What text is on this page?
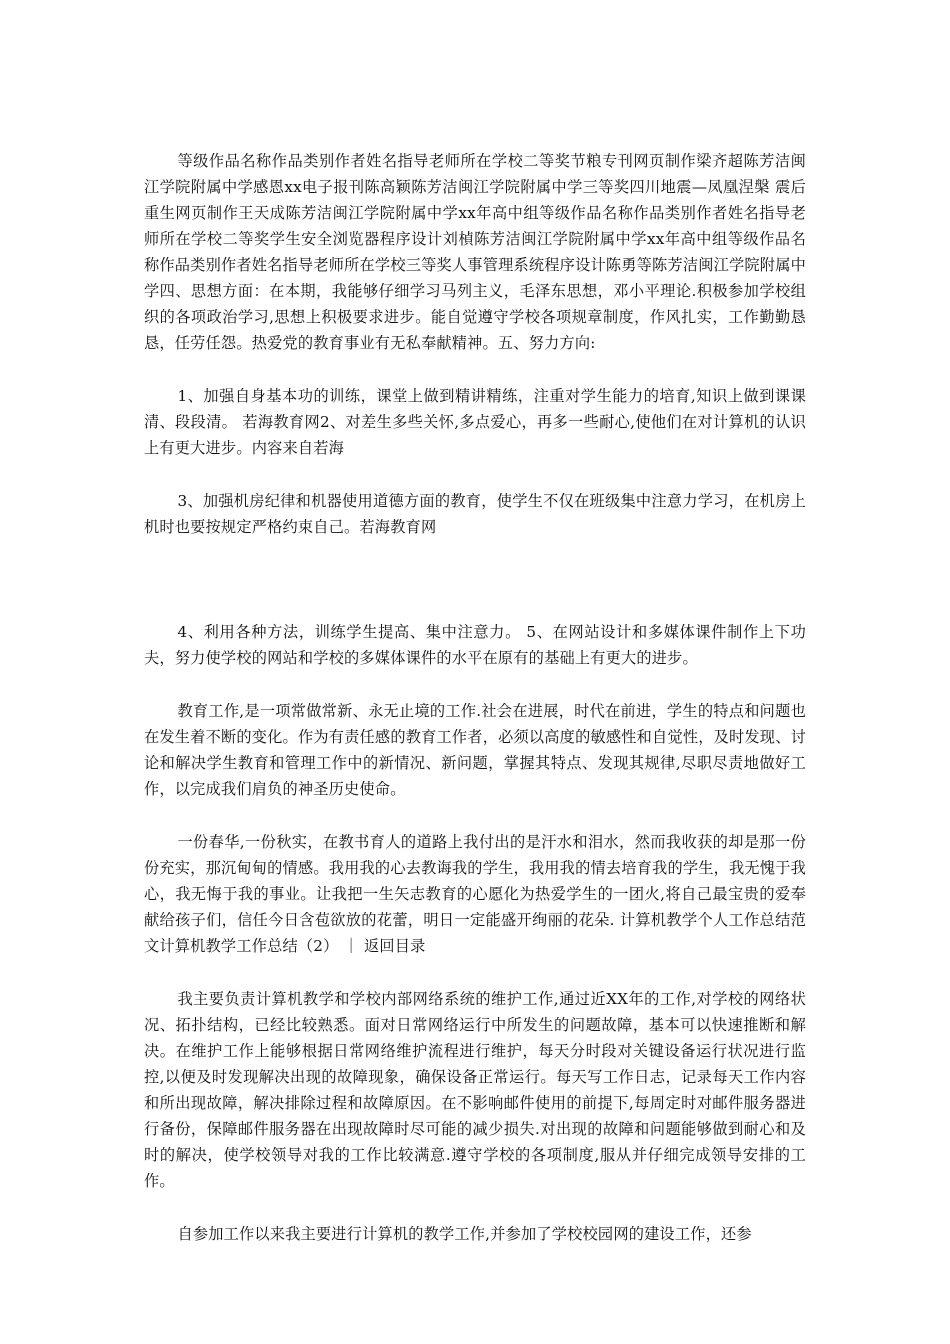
等级作品名称作品类别作者姓名指导老师所在学校二等奖节粮专刊网页制作梁齐超陈芳洁闽江学院附属中学感恩xx电子报刊陈高颖陈芳洁闽江学院附属中学三等奖四川地震—凤凰涅槃 震后重生网页制作王天成陈芳洁闽江学院附属中学xx年高中组等级作品名称作品类别作者姓名指导老师所在学校二等奖学生安全浏览器程序设计刘楨陈芳洁闽江学院附属中学xx年高中组等级作品名称作品类别作者姓名指导老师所在学校三等奖人事管理系统程序设计陈勇等陈芳洁闽江学院附属中学四、思想方面：在本期，我能够仔细学习马列主义，毛泽东思想，邓小平理论.积极参加学校组织的各项政治学习,思想上积极要求进步。能自觉遵守学校各项规章制度，作风扎实，工作勤勤恳恳，任劳任怨。热爱党的教育事业有无私奉献精神。五、努力方向:

1、加强自身基本功的训练，课堂上做到精讲精练，注重对学生能力的培育,知识上做到课课清、段段清。 若海教育网2、对差生多些关怀,多点爱心，再多一些耐心,使他们在对计算机的认识上有更大进步。内容来自若海

3、加强机房纪律和机器使用道德方面的教育，使学生不仅在班级集中注意力学习，在机房上机时也要按规定严格约束自己。若海教育网

4、利用各种方法，训练学生提高、集中注意力。 5、在网站设计和多媒体课件制作上下功夫，努力使学校的网站和学校的多媒体课件的水平在原有的基础上有更大的进步。

教育工作,是一项常做常新、永无止境的工作.社会在进展，时代在前进，学生的特点和问题也在发生着不断的变化。作为有责任感的教育工作者，必须以高度的敏感性和自觉性，及时发现、讨论和解决学生教育和管理工作中的新情况、新问题，掌握其特点、发现其规律,尽职尽责地做好工作，以完成我们肩负的神圣历史使命。

一份春华,一份秋实，在教书育人的道路上我付出的是汗水和泪水，然而我收获的却是那一份份充实，那沉甸甸的情感。我用我的心去教诲我的学生，我用我的情去培育我的学生，我无愧于我心，我无悔于我的事业。让我把一生矢志教育的心愿化为热爱学生的一团火,将自己最宝贵的爱奉献给孩子们，信任今日含苞欲放的花蕾，明日一定能盛开绚丽的花朵. 计算机教学个人工作总结范文计算机教学工作总结（2） ｜ 返回目录

我主要负责计算机教学和学校内部网络系统的维护工作,通过近XX年的工作,对学校的网络状况、拓扑结构，已经比较熟悉。面对日常网络运行中所发生的问题故障，基本可以快速推断和解决。在维护工作上能够根据日常网络维护流程进行维护，每天分时段对关键设备运行状况进行监控,以便及时发现解决出现的故障现象，确保设备正常运行。每天写工作日志，记录每天工作内容和所出现故障，解决排除过程和故障原因。在不影响邮件使用的前提下,每周定时对邮件服务器进行备份，保障邮件服务器在出现故障时尽可能的减少损失.对出现的故障和问题能够做到耐心和及时的解决，使学校领导对我的工作比较满意.遵守学校的各项制度,服从并仔细完成领导安排的工作。

自参加工作以来我主要进行计算机的教学工作,并参加了学校校园网的建设工作，还参
